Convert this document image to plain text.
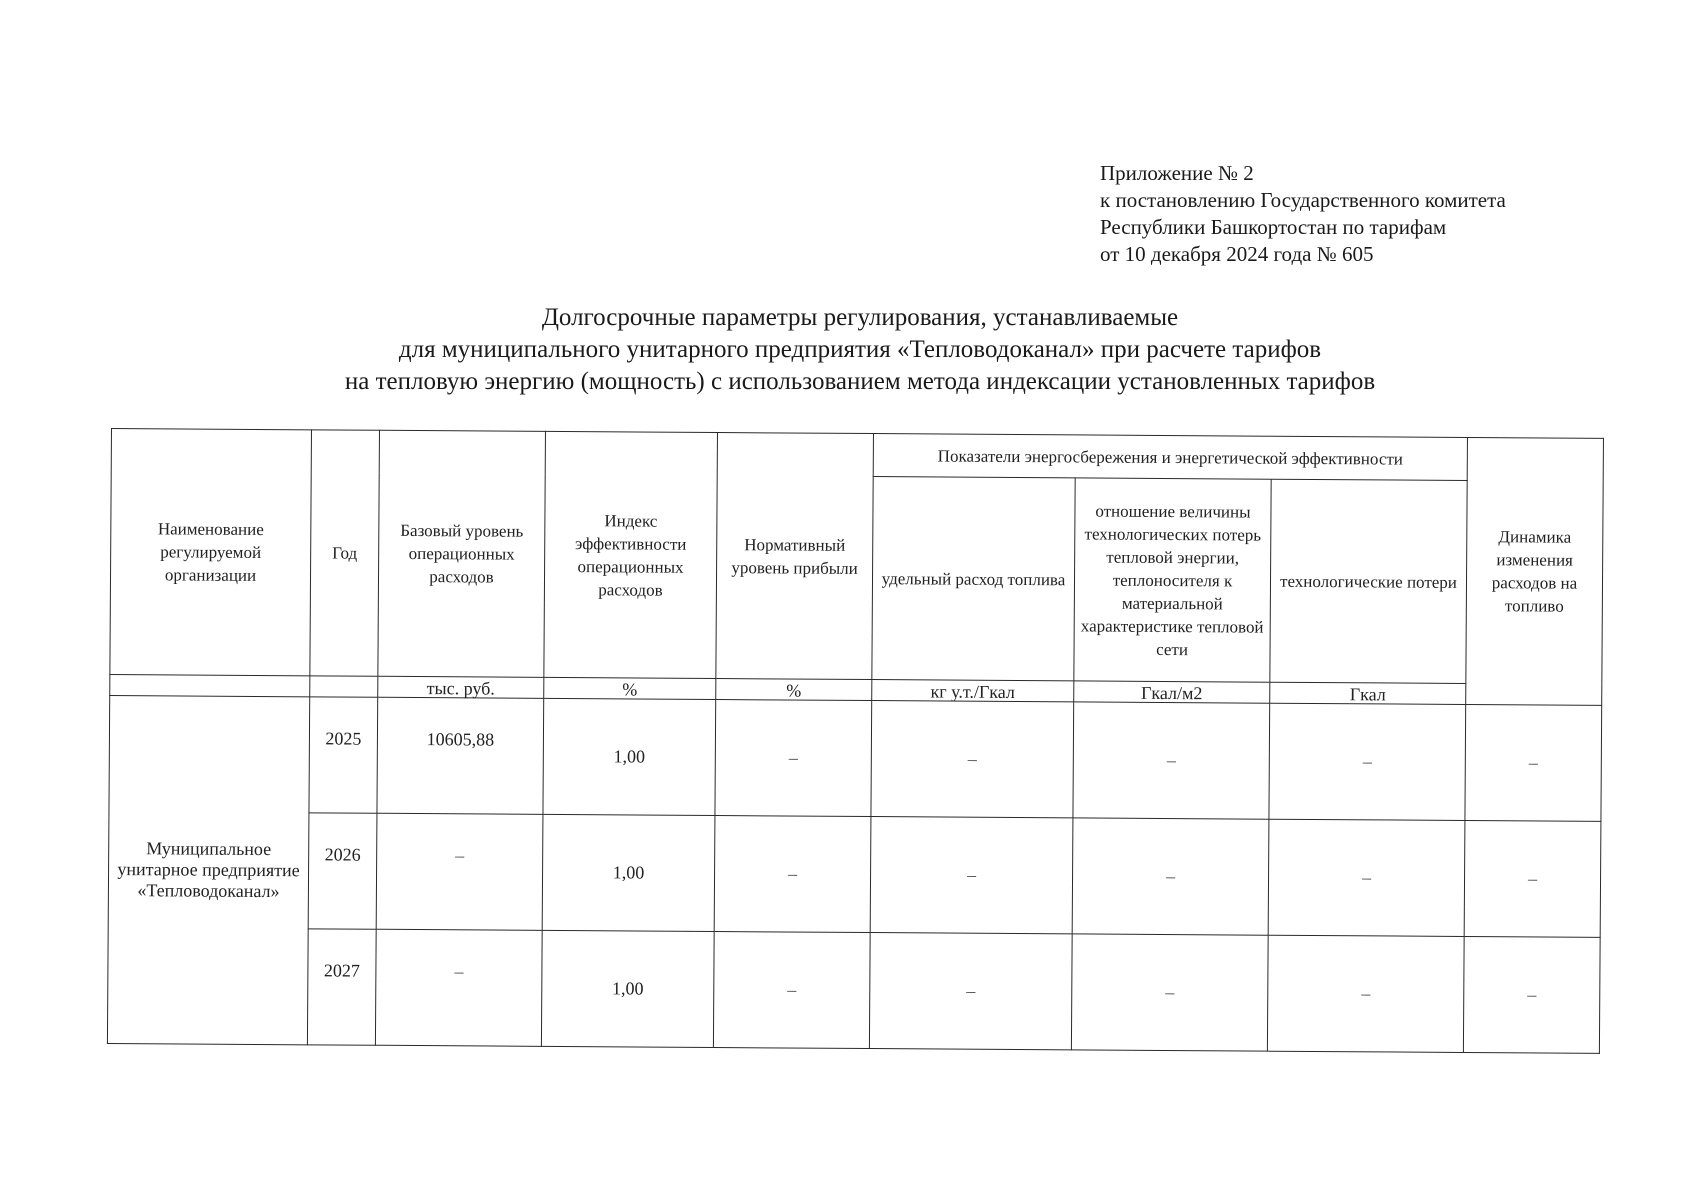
Приложение № 2
к постановлению Государственного комитета
Республики Башкортостан по тарифам
от 10 декабря 2024 года № 605
Долгосрочные параметры регулирования, устанавливаемые
для муниципального унитарного предприятия «Тепловодоканал» при расчете тарифов
на тепловую энергию (мощность) с использованием метода индексации установленных тарифов
Наименование регулируемой организации	Год	Базовый уровень операционных расходов	Индекс эффективности операционных расходов	Нормативный уровень прибыли	Показатели энергосбережения и энергетической эффективности			Динамика изменения расходов на топливо
					удельный расход топлива	отношение величины технологических потерь тепловой энергии, теплоносителя к материальной характеристике тепловой сети	технологические потери	
		тыс. руб.	%	%	кг у.т./Гкал	Гкал/м2	Гкал	
Муниципальное унитарное предприятие «Тепловодоканал»	2025	10605,88	1,00	–	–	–	–	–
	2026	–	1,00	–	–	–	–	–
	2027	–	1,00	–	–	–	–	–
